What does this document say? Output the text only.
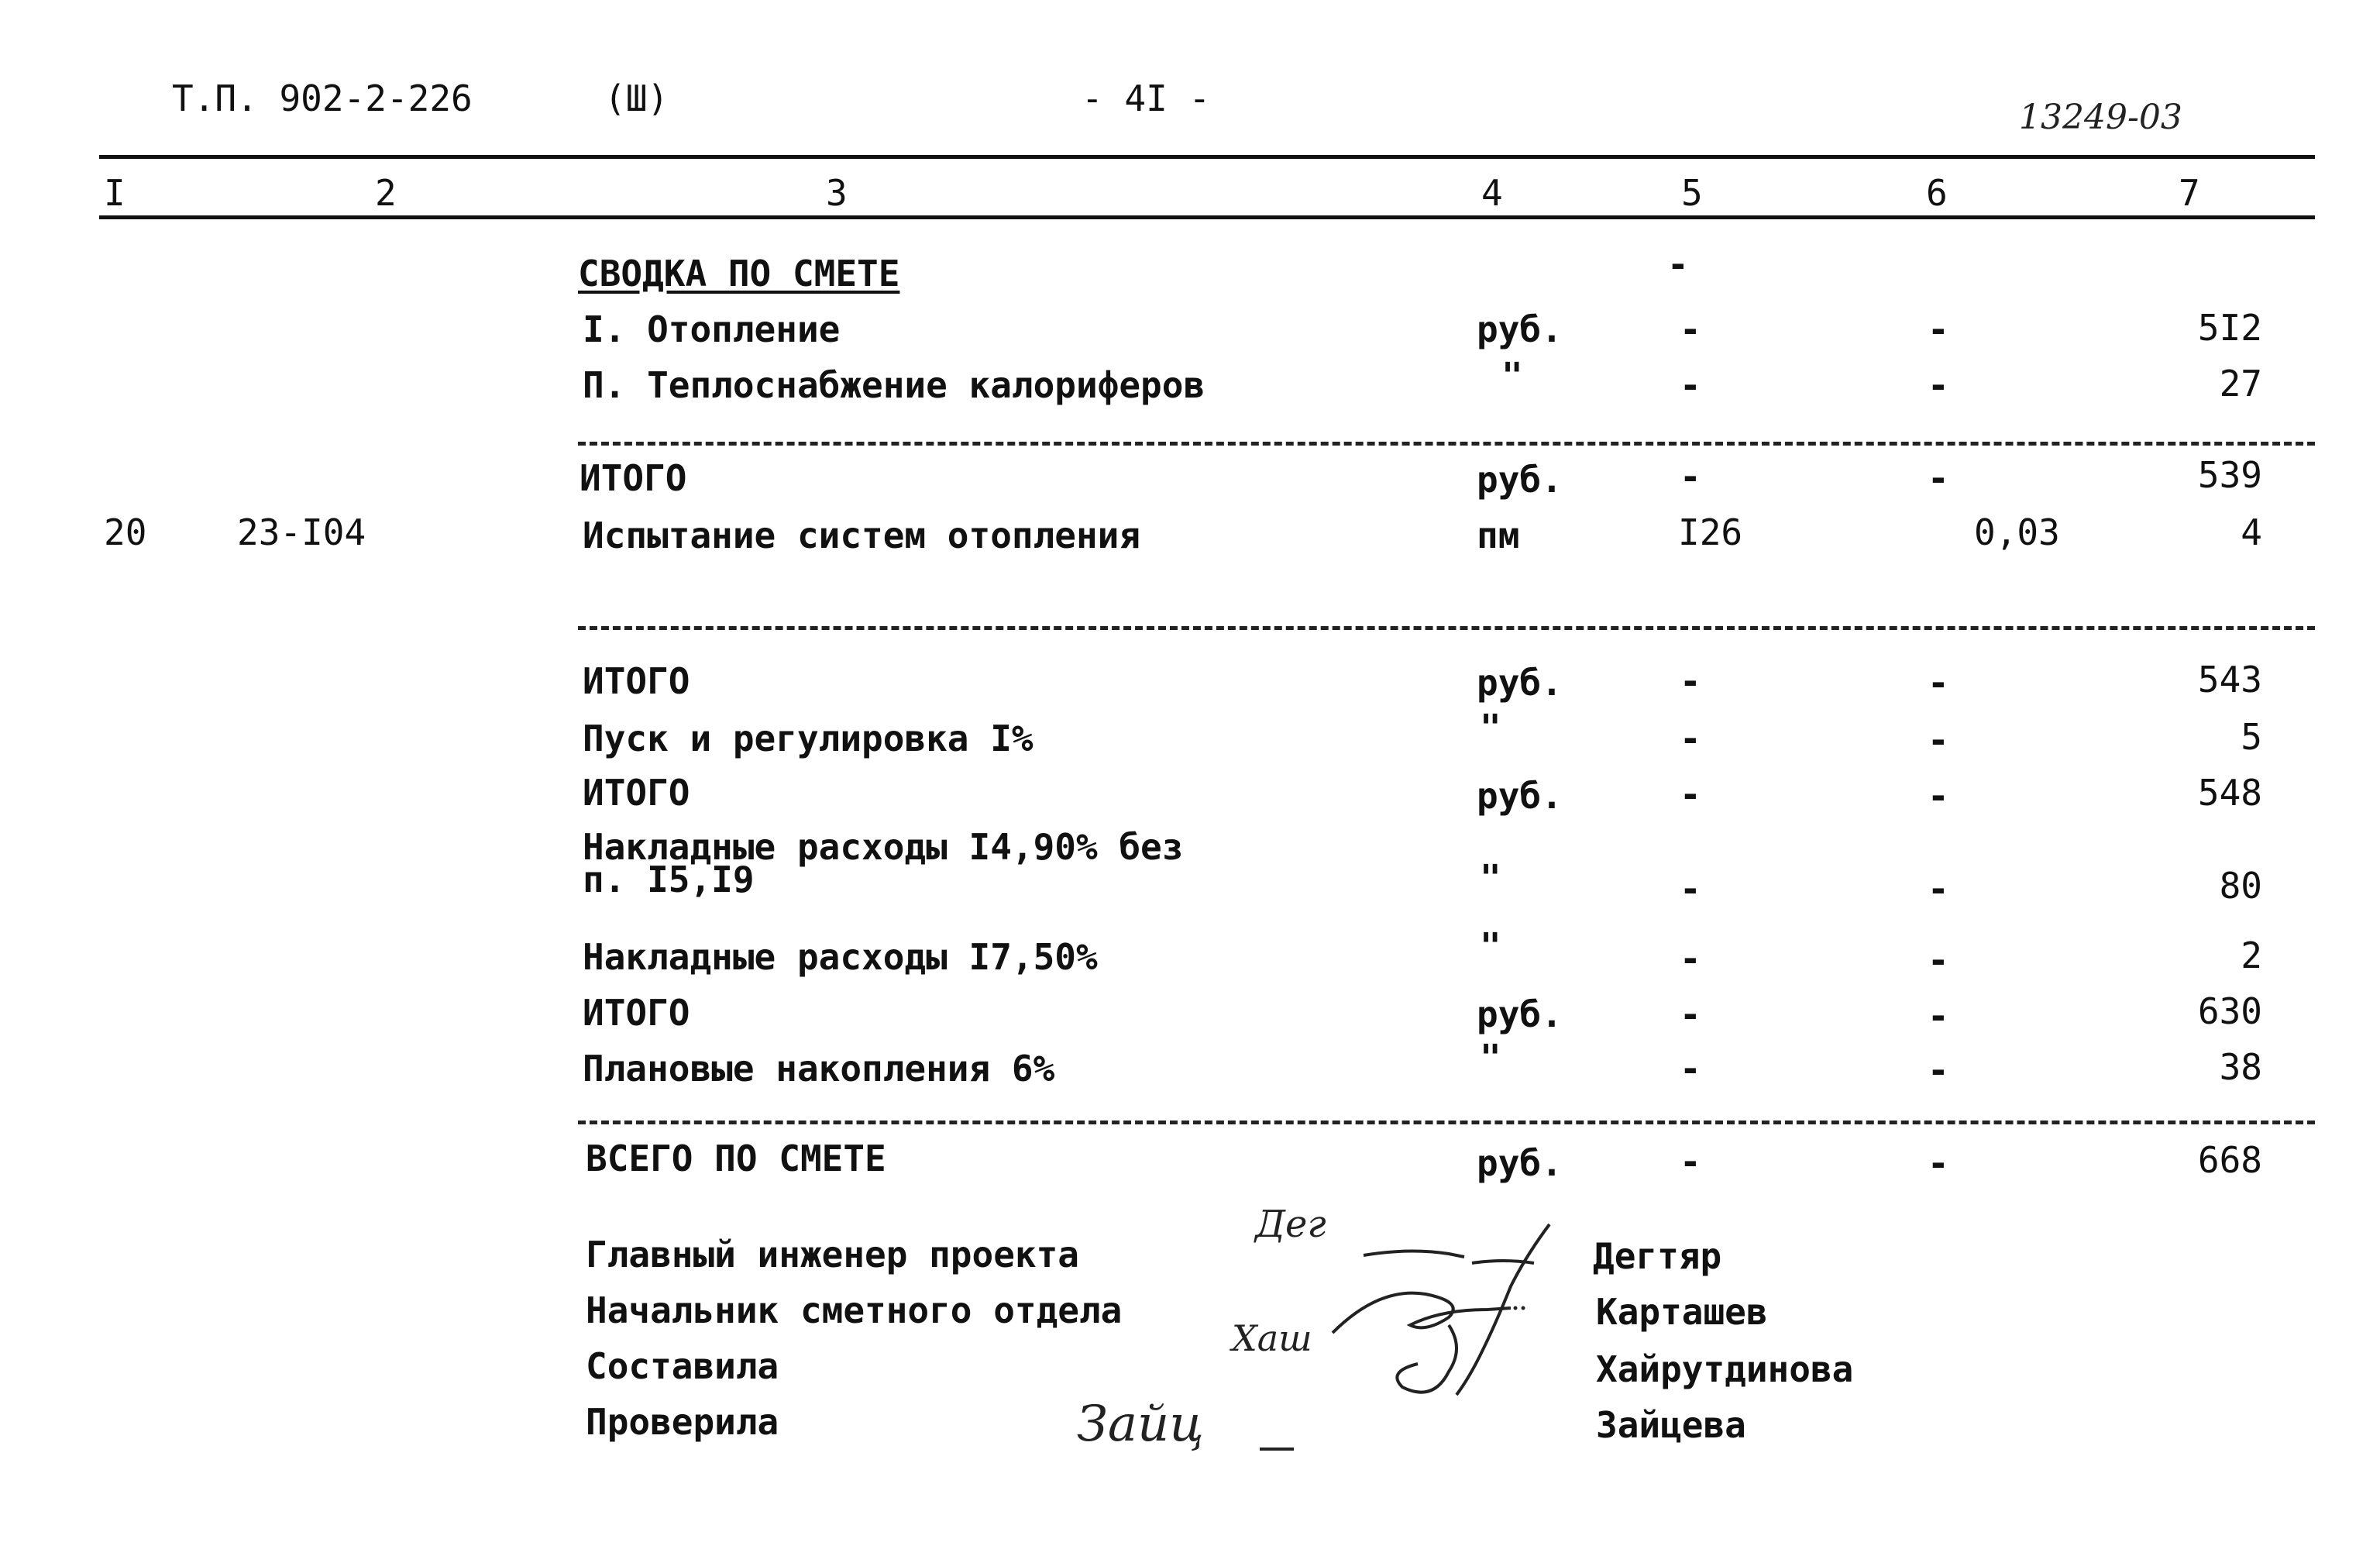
Т.П. 902-2-226	(Ш)	- 4I -	13249-03
I	2	3	4	5	6	7
СВОДКА ПО СМЕТЕ	-
I. Отопление	руб.	-	-	5I2
П. Теплоснабжение калориферов	"	-	-	27
ИТОГО	руб.	-	-	539
20	23-I04	Испытание систем отопления	пм	I26	0,03	4
ИТОГО	руб.	-	-	543
Пуск и регулировка I%	"	-	-	5
ИТОГО	руб.	-	-	548
Накладные расходы I4,90% без
п. I5,I9	"	-	-	80
Накладные расходы I7,50%	"	-	-	2
ИТОГО	руб.	-	-	630
Плановые накопления 6%	"	-	-	38
ВСЕГО ПО СМЕТЕ	руб.	-	-	668
Главный инженер проекта	Дегтяр
Начальник сметного отдела	Карташев
Составила	Хайрутдинова
Проверила	Зайцева
Дег
Хаш
Зайц
